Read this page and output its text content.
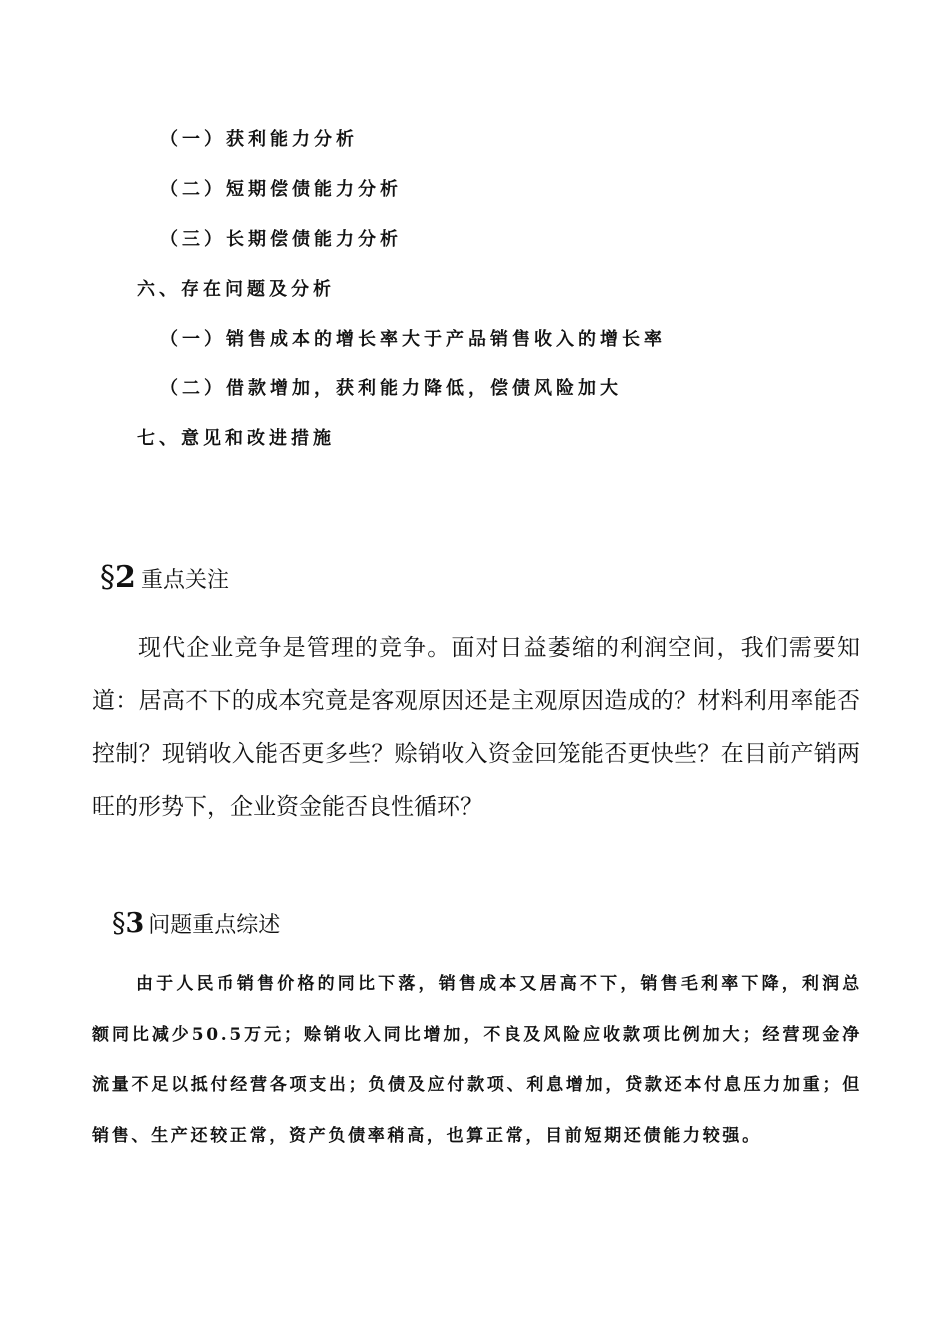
（一）获利能力分析
（二）短期偿债能力分析
（三）长期偿债能力分析
六、存在问题及分析
（一）销售成本的增长率大于产品销售收入的增长率
（二）借款增加，获利能力降低，偿债风险加大
七、意见和改进措施
§2 重点关注
现代企业竞争是管理的竞争。面对日益萎缩的利润空间，我们需要知道：居高不下的成本究竟是客观原因还是主观原因造成的？材料利用率能否控制？现销收入能否更多些？赊销收入资金回笼能否更快些？在目前产销两旺的形势下，企业资金能否良性循环？
§3 问题重点综述
由于人民币销售价格的同比下落，销售成本又居高不下，销售毛利率下降，利润总额同比减少50.5万元；赊销收入同比增加，不良及风险应收款项比例加大；经营现金净流量不足以抵付经营各项支出；负债及应付款项、利息增加，贷款还本付息压力加重；但销售、生产还较正常，资产负债率稍高，也算正常，目前短期还债能力较强。
